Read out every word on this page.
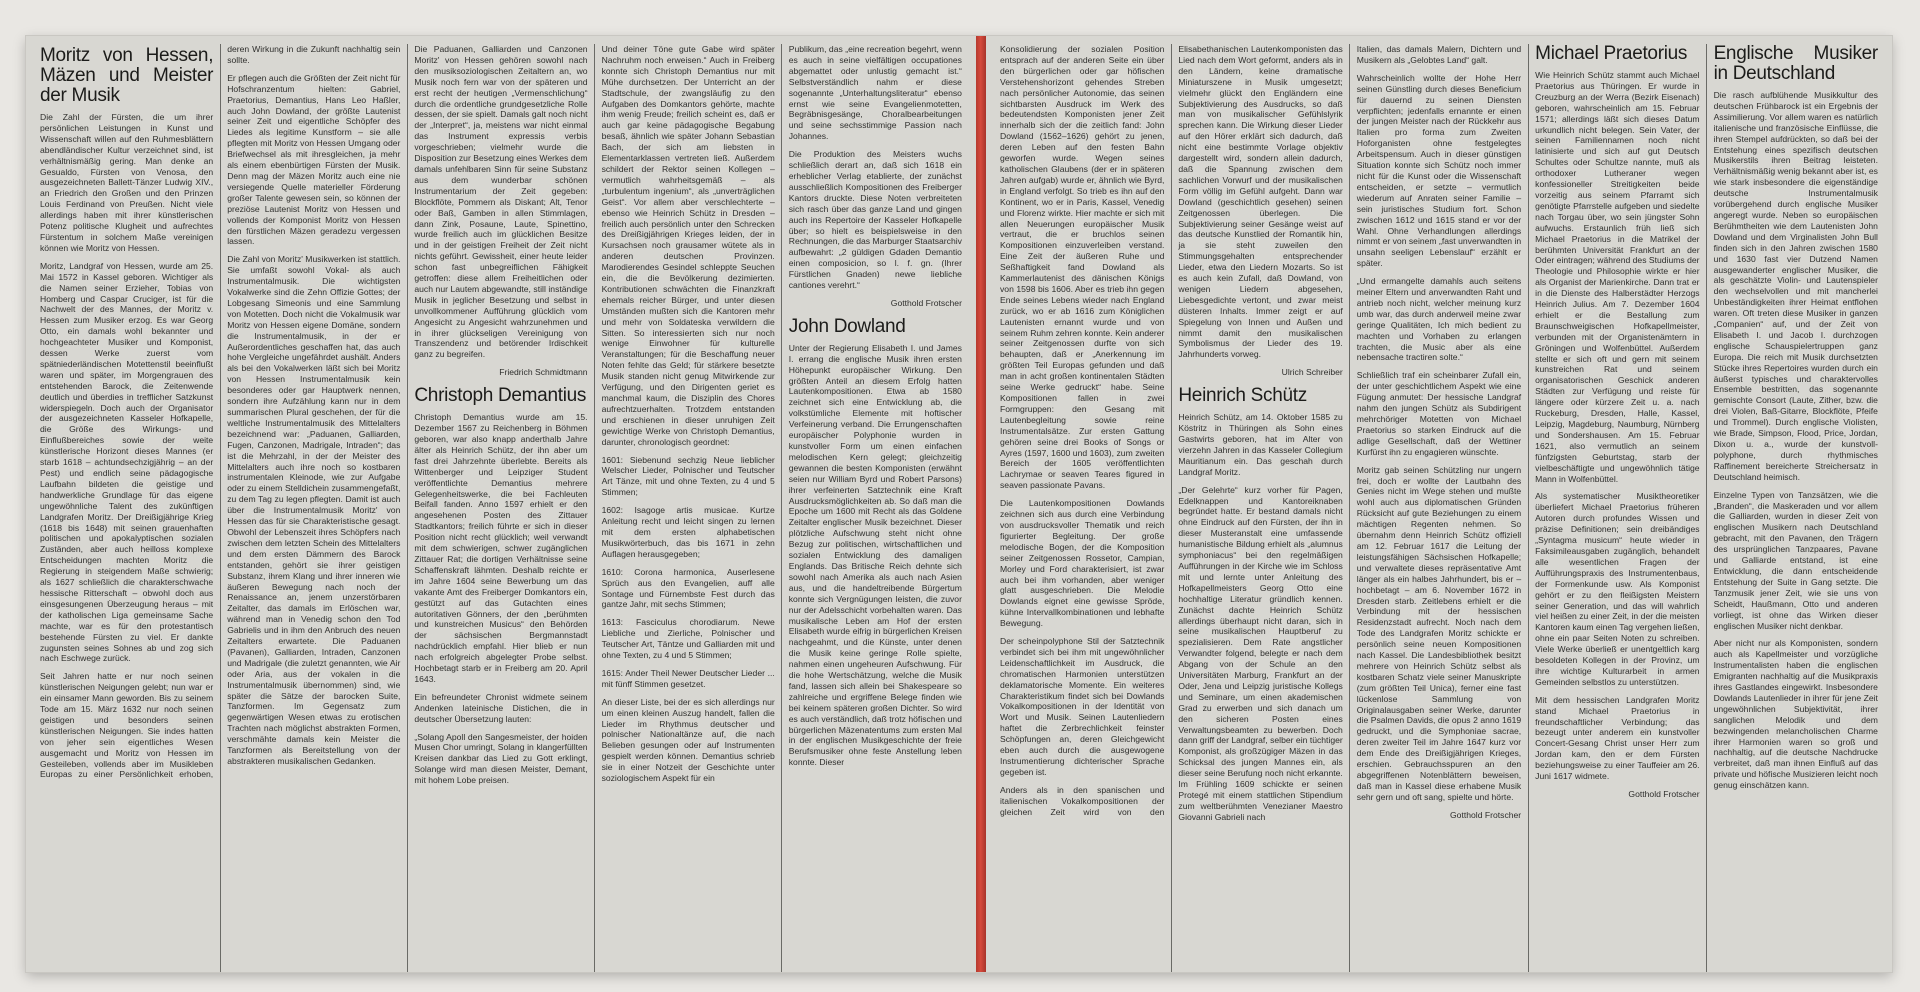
Moritz von Hessen, Mäzen und Meister der Musik

Die Zahl der Fürsten, die um ihrer persönlichen Leistungen in Kunst und Wissenschaft willen auf den Ruhmesblättern abendländischer Kultur verzeichnet sind, ist verhältnismäßig gering. Man denke an Gesualdo, Fürsten von Venosa, den ausgezeichneten Ballett-Tänzer Ludwig XIV., an Friedrich den Großen und den Prinzen Louis Ferdinand von Preußen. Nicht viele allerdings haben mit ihrer künstlerischen Potenz politische Klugheit und aufrechtes Fürstentum in solchem Maße vereinigen können wie Moritz von Hessen.

Moritz, Landgraf von Hessen, wurde am 25. Mai 1572 in Kassel geboren. Wichtiger als die Namen seiner Erzieher, Tobias von Homberg und Caspar Cruciger, ist für die Nachwelt der des Mannes, der Moritz v. Hessen zum Musiker erzog. Es war Georg Otto, ein damals wohl bekannter und hochgeachteter Musiker und Komponist, dessen Werke zuerst vom spätniederländischen Motettenstil beeinflußt waren und später, im Morgengrauen des entstehenden Barock, die Zeitenwende deutlich und überdies in trefflicher Satzkunst widerspiegeln. Doch auch der Organisator der ausgezeichneten Kasseler Hofkapelle, die Größe des Wirkungs- und Einflußbereiches sowie der weite künstlerische Horizont dieses Mannes (er starb 1618 – achtundsechzigjährig – an der Pest) und endlich seine pädagogische Laufbahn bildeten die geistige und handwerkliche Grundlage für das eigene ungewöhnliche Talent des zukünftigen Landgrafen Moritz. Der Dreißigjährige Krieg (1618 bis 1648) mit seinen grauenhaften politischen und apokalyptischen sozialen Zuständen, aber auch heilloss komplexe Entscheidungen machten Moritz die Regierung in steigendem Maße schwierig; als 1627 schließlich die charakterschwache hessische Ritterschaft – obwohl doch aus einsgesungenen Überzeugung heraus – mit der katholischen Liga gemeinsame Sache machte, war es für den protestantisch bestehende Fürsten zu viel. Er dankte zugunsten seines Sohnes ab und zog sich nach Eschwege zurück.

Seit Jahren hatte er nur noch seinen künstlerischen Neigungen gelebt; nun war er ein einsamer Mann geworden. Bis zu seinem Tode am 15. März 1632 nur noch seinen geistigen und besonders seinen künstlerischen Neigungen. Sie indes hatten von jeher sein eigentliches Wesen ausgemacht und Moritz von Hessen im Gesteileben, vollends aber im Musikleben Europas zu einer Persönlichkeit erhoben, deren Wirkung in die Zukunft nachhaltig sein sollte.

Er pflegen auch die Größten der Zeit nicht für Hofschranzentum hielten: Gabriel, Praetorius, Demantius, Hans Leo Haßler, auch John Dowland, der größte Lautenist seiner Zeit und eigentliche Schöpfer des Liedes als legitime Kunstform – sie alle pflegten mit Moritz von Hessen Umgang oder Briefwechsel als mit ihresgleichen, ja mehr als einem ebenbürtigen Fürsten der Musik. Denn mag der Mäzen Moritz auch eine nie versiegende Quelle materieller Förderung großer Talente gewesen sein, so können der preziöse Lautenist Moritz von Hessen und vollends der Komponist Moritz von Hessen den fürstlichen Mäzen geradezu vergessen lassen.

Die Zahl von Moritz' Musikwerken ist stattlich. Sie umfaßt sowohl Vokal- als auch Instrumentalmusik. Die wichtigsten Vokalwerke sind die Zehn Offizie Gottes; der Lobgesang Simeonis und eine Sammlung von Motetten. Doch nicht die Vokalmusik war Moritz von Hessen eigene Domäne, sondern die Instrumentalmusik, in der er Außerordentliches geschaffen hat, das auch hohe Vergleiche ungefährdet aushält. Anders als bei den Vokalwerken läßt sich bei Moritz von Hessen Instrumentalmusik kein besonderes oder gar Hauptwerk nennen, sondern ihre Aufzählung kann nur in dem summarischen Plural geschehen, der für die weltliche Instrumentalmusik des Mittelalters bezeichnend war: „Paduanen, Galliarden, Fugen, Canzonen, Madrigale, Intraden“; das ist die Mehrzahl, in der der Meister des Mittelalters auch ihre noch so kostbaren instrumentalen Kleinode, wie zur Aufgabe oder zu einem Stelldichein zusammengefaßt, zu dem Tag zu legen pflegten. Damit ist auch über die Instrumentalmusik Moritz' von Hessen das für sie Charakteristische gesagt. Obwohl der Lebenszeit ihres Schöpfers nach zwischen dem letzten Schein des Mittelalters und dem ersten Dämmern des Barock entstanden, gehört sie ihrer geistigen Substanz, ihrem Klang und ihrer inneren wie äußeren Bewegung nach noch der Renaissance an, jenem unzerstörbaren Zeitalter, das damals im Erlöschen war, während man in Venedig schon den Tod Gabrielis und in ihm den Anbruch des neuen Zeitalters erwartete. Die Paduanen (Pavanen), Galliarden, Intraden, Canzonen und Madrigale (die zuletzt genannten, wie Air oder Aria, aus der vokalen in die Instrumentalmusik übernommen) sind, wie später die Sätze der barocken Suite, Tanzformen. Im Gegensatz zum gegenwärtigen Wesen etwas zu erotischen Trachten nach möglichst abstrakten Formen, verschmähte damals kein Meister die Tanzformen als Bereitstellung von der abstrakteren musikalischen Gedanken.

Die Paduanen, Galliarden und Canzonen Moritz' von Hessen gehören sowohl nach den musiksoziologischen Zeitaltern an, wo Musik noch fern war von der späteren und erst recht der heutigen „Vermenschlichung“ durch die ordentliche grundgesetzliche Rolle dessen, der sie spielt. Damals galt noch nicht der „Interpret“, ja, meistens war nicht einmal das Instrument expressis verbis vorgeschrieben; vielmehr wurde die Disposition zur Besetzung eines Werkes dem damals unfehlbaren Sinn für seine Substanz aus dem wunderbar schönen Instrumentarium der Zeit gegeben: Blockflöte, Pommern als Diskant; Alt, Tenor oder Baß, Gamben in allen Stimmlagen, dann Zink, Posaune, Laute, Spinettino, wurde freilich auch im glücklichen Besitze und in der geistigen Freiheit der Zeit nicht nichts geführt. Gewissheit, einer heute leider schon fast unbegreiflichen Fähigkeit getroffen: diese allem Freiheitlichen oder auch nur Lautem abgewandte, still inständige Musik in jeglicher Besetzung und selbst in unvollkommener Aufführung glücklich vom Angesicht zu Angesicht wahrzunehmen und in ihrer glückseligen Vereinigung von Transzendenz und betörender Irdischkeit ganz zu begreifen.

Friedrich Schmidtmann
Christoph Demantius

Christoph Demantius wurde am 15. Dezember 1567 zu Reichenberg in Böhmen geboren, war also knapp anderthalb Jahre älter als Heinrich Schütz, der ihn aber um fast drei Jahrzehnte überlebte. Bereits als Wittenberger und Leipziger Student veröffentlichte Demantius mehrere Gelegenheitswerke, die bei Fachleuten Beifall fanden. Anno 1597 erhielt er den angesehenen Posten des Zittauer Stadtkantors; freilich führte er sich in dieser Position nicht recht glücklich; weil verwandt mit dem schwierigen, schwer zugänglichen Zittauer Rat; die dortigen Verhältnisse seine Schaffenskraft lähmten. Deshalb reichte er im Jahre 1604 seine Bewerbung um das vakante Amt des Freiberger Domkantors ein, gestützt auf das Gutachten eines autoritativen Gönners, der den „berühmten und kunstreichen Musicus“ den Behörden der sächsischen Bergmannstadt nachdrücklich empfahl. Hier blieb er nun nach erfolgreich abgelegter Probe selbst. Hochbetagt starb er in Freiberg am 20. April 1643.

Ein befreundeter Chronist widmete seinem Andenken lateinische Distichen, die in deutscher Übersetzung lauten:

„Solang Apoll den Sangesmeister, der hoiden Musen Chor umringt, Solang in klangerfüllten Kreisen dankbar das Lied zu Gott erklingt, Solange wird man diesen Meister, Demant, mit hohem Lobe preisen.

Und deiner Töne gute Gabe wird später Nachruhm noch erweisen.“ Auch in Freiberg konnte sich Christoph Demantius nur mit Mühe durchsetzen. Der Unterricht an der Stadtschule, der zwangsläufig zu den Aufgaben des Domkantors gehörte, machte ihm wenig Freude; freilich scheint es, daß er auch gar keine pädagogische Begabung besaß, ähnlich wie später Johann Sebastian Bach, der sich am liebsten in Elementarklassen vertreten ließ. Außerdem schildert der Rektor seinen Kollegen – vermutlich wahrheitsgemäß – als „turbulentum ingenium“, als „unverträglichen Geist“. Vor allem aber verschlechterte – ebenso wie Heinrich Schütz in Dresden – freilich auch persönlich unter den Schrecken des Dreißigjährigen Krieges leiden, der in Kursachsen noch grausamer wütete als in anderen deutschen Provinzen. Marodierendes Gesindel schleppte Seuchen ein, die die Bevölkerung dezimierten. Kontributionen schwächten die Finanzkraft ehemals reicher Bürger, und unter diesen Umständen mußten sich die Kantoren mehr und mehr von Soldateska verwildern die Sitten. So interessierten sich nur noch wenige Einwohner für kulturelle Veranstaltungen; für die Beschaffung neuer Noten fehlte das Geld; für stärkere besetzte Musik standen nicht genug Mitwirkende zur Verfügung, und den Dirigenten geriet es manchmal kaum, die Disziplin des Chores aufrechtzuerhalten. Trotzdem entstanden und erschienen in dieser unruhigen Zeit gewichtige Werke von Christoph Demantius, darunter, chronologisch geordnet:

1601: Siebenund sechzig Neue lieblicher Welscher Lieder, Polnischer und Teutscher Art Tänze, mit und ohne Texten, zu 4 und 5 Stimmen;

1602: Isagoge artis musicae. Kurtze Anleitung recht und leicht singen zu lernen mit dem ersten alphabetischen Musikwörterbuch, das bis 1671 in zehn Auflagen herausgegeben;

1610: Corona harmonica, Auserlesene Sprüch aus den Evangelien, auff alle Sontage und Fürnembste Fest durch das gantze Jahr, mit sechs Stimmen;

1613: Fasciculus chorodiarum. Newe Liebliche und Zierliche, Polnischer und Teutscher Art, Täntze und Galliarden mit und ohne Texten, zu 4 und 5 Stimmen;

1615: Ander Theil Newer Deutscher Lieder ... mit fünff Stimmen gesetzet.

An dieser Liste, bei der es sich allerdings nur um einen kleinen Auszug handelt, fallen die Lieder im Rhythmus deutscher und polnischer Nationaltänze auf, die nach Belieben gesungen oder auf Instrumenten gespielt werden können. Demantius schrieb sie in einer Notzeit der Geschichte unter soziologischem Aspekt für ein

Publikum, das „eine recreation begehrt, wenn es auch in seine vielfältigen occupationes abgemattet oder unlustig gemacht ist.“ Selbstverständlich nahm er diese sogenannte „Unterhaltungsliteratur“ ebenso ernst wie seine Evangelienmotetten, Begräbnisgesänge, Choralbearbeitungen und seine sechsstimmige Passion nach Johannes.

Die Produktion des Meisters wuchs schließlich derart an, daß sich 1618 ein erheblicher Verlag etablierte, der zunächst ausschließlich Kompositionen des Freiberger Kantors druckte. Diese Noten verbreiteten sich rasch über das ganze Land und gingen auch ins Repertoire der Kasseler Hofkapelle über; so hielt es beispielsweise in den Rechnungen, die das Marburger Staatsarchiv aufbewahrt: „2 güldigen Gdaden Demantio einen composicion, so l. f. gn. (Ihrer Fürstlichen Gnaden) newe liebliche cantiones verehrt.“

Gotthold Frotscher
John Dowland

Unter der Regierung Elisabeth I. und James I. errang die englische Musik ihren ersten Höhepunkt europäischer Wirkung. Den größten Anteil an diesem Erfolg hatten Lautenkompositionen. Etwa ab 1580 zeichnet sich eine Entwicklung ab, die volkstümliche Elemente mit hoftischer Verfeinerung verband. Die Errungenschaften europäischer Polyphonie wurden in kunstvoller Form um einen einfachen melodischen Kern gelegt; gleichzeitig gewannen die besten Komponisten (erwähnt seien nur William Byrd und Robert Parsons) ihrer verfeinerten Satztechnik eine Kraft Ausdrucksmöglichkeiten ab. So daß man die Epoche um 1600 mit Recht als das Goldene Zeitalter englischer Musik bezeichnet. Dieser plötzliche Aufschwung steht nicht ohne Bezug zur politischen, wirtschaftlichen und sozialen Entwicklung des damaligen Englands. Das Britische Reich dehnte sich sowohl nach Amerika als auch nach Asien aus, und die handeltreibende Bürgertum konnte sich Vergnügungen leisten, die zuvor nur der Adelsschicht vorbehalten waren. Das musikalische Leben am Hof der ersten Elisabeth wurde eifrig in bürgerlichen Kreisen nachgeahmt, und die Künste, unter denen die Musik keine geringe Rolle spielte, nahmen einen ungeheuren Aufschwung. Für die hohe Wertschätzung, welche die Musik fand, lassen sich allein bei Shakespeare so zahlreiche und ergriffene Belege finden wie bei keinem späteren großen Dichter. So wird es auch verständlich, daß trotz höfischen und bürgerlichen Mäzenatentums zum ersten Mal in der englischen Musikgeschichte der freie Berufsmusiker ohne feste Anstellung leben konnte. Dieser

Konsolidierung der sozialen Position entsprach auf der anderen Seite ein über den bürgerlichen oder gar höfischen Verstehenshorizont gehendes Streben nach persönlicher Autonomie, das seinen sichtbarsten Ausdruck im Werk des bedeutendsten Komponisten jener Zeit innerhalb sich der die zeitlich fand: John Dowland (1562–1626) gehört zu jenen, deren Leben auf den festen Bahn geworfen wurde. Wegen seines katholischen Glaubens (der er in späteren Jahren aufgab) wurde er, ähnlich wie Byrd, in England verfolgt. So trieb es ihn auf den Kontinent, wo er in Paris, Kassel, Venedig und Florenz wirkte. Hier machte er sich mit allen Neuerungen europäischer Musik vertraut, die er bruchlos seinen Kompositionen einzuverleiben verstand. Eine Zeit der äußeren Ruhe und Seßhaftigkeit fand Dowland als Kammerlautenist des dänischen Königs von 1598 bis 1606. Aber es trieb ihn gegen Ende seines Lebens wieder nach England zurück, wo er ab 1616 zum Königlichen Lautenisten ernannt wurde und von seinem Ruhm zehren konnte. Kein anderer seiner Zeitgenossen durfte von sich behaupten, daß er „Anerkennung im größten Teil Europas gefunden und daß man in acht großen kontinentalen Städten seine Werke gedruckt“ habe. Seine Kompositionen fallen in zwei Formgruppen: den Gesang mit Lautenbegleitung sowie reine Instrumentalsätze. Zur ersten Gattung gehören seine drei Books of Songs or Ayres (1597, 1600 und 1603), zum zweiten Bereich der 1605 veröffentlichten Lachrymae or seaven Teares figured in seaven passionate Pavans.

Die Lautenkompositionen Dowlands zeichnen sich aus durch eine Verbindung von ausdrucksvoller Thematik und reich figurierter Begleitung. Der große melodische Bogen, der die Komposition seiner Zeitgenossen Rossetor, Campian, Morley und Ford charakterisiert, ist zwar auch bei ihm vorhanden, aber weniger glatt ausgeschrieben. Die Melodie Dowlands eignet eine gewisse Spröde, kühne Intervallkombinationen und lebhafte Bewegung.

Der scheinpolyphone Stil der Satztechnik verbindet sich bei ihm mit ungewöhnlicher Leidenschaftlichkeit im Ausdruck, die chromatischen Harmonien unterstützen deklamatorische Momente. Ein weiteres Charakteristikum findet sich bei Dowlands Vokalkompositionen in der Identität von Wort und Musik. Seinen Lautenliedern haftet die Zerbrechlichkeit feinster Schöpfungen an, deren Gleichgewicht eben auch durch die ausgewogene Instrumentierung dichterischer Sprache gegeben ist.

Anders als in den spanischen und italienischen Vokalkompositionen der gleichen Zeit wird von den Elisabethanischen Lautenkomponisten das Lied nach dem Wort geformt, anders als in den Ländern, keine dramatische Miniaturszene in Musik umgesetzt; vielmehr glückt den Engländern eine Subjektivierung des Ausdrucks, so daß man von musikalischer Gefühlslyrik sprechen kann. Die Wirkung dieser Lieder auf den Hörer erklärt sich dadurch, daß nicht eine bestimmte Vorlage objektiv dargestellt wird, sondern allein dadurch, daß die Spannung zwischen dem sachlichen Vorwurf und der musikalischen Form völlig im Gefühl aufgeht. Dann war Dowland (geschichtlich gesehen) seinen Zeitgenossen überlegen. Die Subjektivierung seiner Gesänge weist auf das deutsche Kunstlied der Romantik hin, ja sie steht zuweilen den Stimmungsgehalten entsprechender Lieder, etwa den Liedern Mozarts. So ist es auch kein Zufall, daß Dowland, von wenigen Liedern abgesehen, Liebesgedichte vertont, und zwar meist düsteren Inhalts. Immer zeigt er auf Spiegelung von Innen und Außen und nimmt damit den musikalischen Symbolismus der Lieder des 19. Jahrhunderts vorweg.

Ulrich Schreiber
Heinrich Schütz

Heinrich Schütz, am 14. Oktober 1585 zu Köstritz in Thüringen als Sohn eines Gastwirts geboren, hat im Alter von vierzehn Jahren in das Kasseler Collegium Mauritianum ein. Das geschah durch Landgraf Moritz.

„Der Gelehrte“ kurz vorher für Pagen, Edelknappen und Kantoreiknaben begründet hatte. Er bestand damals nicht ohne Eindruck auf den Fürsten, der ihn in dieser Musteranstalt eine umfassende humanistische Bildung erhielt als „alumnus symphoniacus“ bei den regelmäßigen Aufführungen in der Kirche wie im Schloss mit und lernte unter Anleitung des Hofkapellmeisters Georg Otto eine hochhaltige Literatur gründlich kennen. Zunächst dachte Heinrich Schütz allerdings überhaupt nicht daran, sich in seine musikalischen Hauptberuf zu spezialisieren. Dem Rate angstlicher Verwandter folgend, belegte er nach dem Abgang von der Schule an den Universitäten Marburg, Frankfurt an der Oder, Jena und Leipzig juristische Kollegs und Seminare, um einen akademischen Grad zu erwerben und sich danach um den sicheren Posten eines Verwaltungsbeamten zu bewerben. Doch dann griff der Landgraf, selber ein tüchtiger Komponist, als großzügiger Mäzen in das Schicksal des jungen Mannes ein, als dieser seine Berufung noch nicht erkannte. Im Frühling 1609 schickte er seinen Protegé mit einem stattlichen Stipendium zum weltberühmten Venezianer Maestro Giovanni Gabrieli nach

Italien, das damals Malern, Dichtern und Musikern als „Gelobtes Land“ galt.

Wahrscheinlich wollte der Hohe Herr seinen Günstling durch dieses Beneficium für dauernd zu seinen Diensten verpflichten; jedenfalls ernannte er einen der jungen Meister nach der Rückkehr aus Italien pro forma zum Zweiten Hoforganisten ohne festgelegtes Arbeitspensum. Auch in dieser günstigen Situation konnte sich Schütz noch immer nicht für die Kunst oder die Wissenschaft entscheiden, er setzte – vermutlich wiederum auf Anraten seiner Familie – sein juristisches Studium fort. Schon zwischen 1612 und 1615 stand er vor der Wahl. Ohne Verhandlungen allerdings nimmt er von seinem „fast unverwandten in unsahn seeligen Lebenslauf“ erzählt er später.

„Und ermangelte damahls auch seitens meiner Eltern und anverwandten Raht und antrieb noch nicht, welcher meinung kurz umb war, das durch anderweil meine zwar geringe Qualitäten, Ich mich bedient zu machten und Vorhaben zu erlangen trachten, die Music aber als eine nebensache tractiren solte.“

Schließlich traf ein scheinbarer Zufall ein, der unter geschichtlichem Aspekt wie eine Fügung anmutet: Der hessische Landgraf nahm den jungen Schütz als Subdirigent mehrchöriger Motetten von Michael Praetorius so starken Eindruck auf die adlige Gesellschaft, daß der Wettiner Kurfürst ihn zu engagieren wünschte.

Moritz gab seinen Schützling nur ungern frei, doch er wollte der Lautbahn des Genies nicht im Wege stehen und mußte wohl auch aus diplomatischen Gründen Rücksicht auf gute Beziehungen zu einem mächtigen Regenten nehmen. So übernahm denn Heinrich Schütz offiziell am 12. Februar 1617 die Leitung der leistungsfähigen Sächsischen Hofkapelle; und verwaltete dieses repräsentative Amt länger als ein halbes Jahrhundert, bis er – hochbetagt – am 6. November 1672 in Dresden starb. Zeitlebens erhielt er die Verbindung mit der hessischen Residenzstadt aufrecht. Noch nach dem Tode des Landgrafen Moritz schickte er persönlich seine neuen Kompositionen nach Kassel. Die Landesbibliothek besitzt mehrere von Heinrich Schütz selbst als kostbaren Schatz viele seiner Manuskripte (zum größten Teil Unica), ferner eine fast lückenlose Sammlung von Originalausgaben seiner Werke, darunter die Psalmen Davids, die opus 2 anno 1619 gedruckt, und die Symphoniae sacrae, deren zweiter Teil im Jahre 1647 kurz vor dem Ende des Dreißigjährigen Krieges, erschien. Gebrauchsspuren an den abgegriffenen Notenblättern beweisen, daß man in Kassel diese erhabene Musik sehr gern und oft sang, spielte und hörte.

Gotthold Frotscher
Michael Praetorius

Wie Heinrich Schütz stammt auch Michael Praetorius aus Thüringen. Er wurde in Creuzburg an der Werra (Bezirk Eisenach) geboren, wahrscheinlich am 15. Februar 1571; allerdings läßt sich dieses Datum urkundlich nicht belegen. Sein Vater, der seinen Familiennamen noch nicht latinisierte und sich auf gut Deutsch Schultes oder Schultze nannte, muß als orthodoxer Lutheraner wegen konfessioneller Streitigkeiten beide vorzeitig aus seinem Pfarramt sich genötigte Pfarrstelle aufgeben und siedelte nach Torgau über, wo sein jüngster Sohn aufwuchs. Erstaunlich früh ließ sich Michael Praetorius in die Matrikel der berühmten Universität Frankfurt an der Oder eintragen; während des Studiums der Theologie und Philosophie wirkte er hier als Organist der Marienkirche. Dann trat er in die Dienste des Halberstädter Herzogs Heinrich Julius. Am 7. Dezember 1604 erhielt er die Bestallung zum Braunschweigischen Hofkapellmeister, verbunden mit der Organistenämtern in Gröningen und Wolfenbüttel. Außerdem stellte er sich oft und gern mit seinem kunstreichen Rat und seinem organisatorischen Geschick anderen Städten zur Verfügung und reiste für längere oder kürzere Zeit u. a. nach Ruckeburg, Dresden, Halle, Kassel, Leipzig, Magdeburg, Naumburg, Nürnberg und Sondershausen. Am 15. Februar 1621, also vermutlich an seinem fünfzigsten Geburtstag, starb der vielbeschäftigte und ungewöhnlich tätige Mann in Wolfenbüttel.

Als systematischer Musiktheoretiker überliefert Michael Praetorius früheren Autoren durch profundes Wissen und präzise Definitionen; sein dreibändiges „Syntagma musicum“ heute wieder in Faksimileausgaben zugänglich, behandelt alle wesentlichen Fragen der Aufführungspraxis des Instrumentenbaus, der Formenkunde usw. Als Komponist gehört er zu den fleißigsten Meistern seiner Generation, und das will wahrlich viel heißen zu einer Zeit, in der die meisten Kantoren kaum einen Tag vergehen ließen, ohne ein paar Seiten Noten zu schreiben. Viele Werke überließ er unentgeltlich karg besoldeten Kollegen in der Provinz, um ihre wichtige Kulturarbeit in armen Gemeinden selbstlos zu unterstützen.

Mit dem hessischen Landgrafen Moritz stand Michael Praetorius in freundschaftlicher Verbindung; das bezeugt unter anderem ein kunstvoller Concert-Gesang Christ unser Herr zum Jordan kam, den er dem Fürsten beziehungsweise zu einer Tauffeier am 26. Juni 1617 widmete.

Gotthold Frotscher
Englische Musiker in Deutschland

Die rasch aufblühende Musikkultur des deutschen Frühbarock ist ein Ergebnis der Assimilierung. Vor allem waren es natürlich italienische und französische Einflüsse, die ihren Stempel aufdrückten, so daß bei der Entstehung eines spezifisch deutschen Musikerstils ihren Beitrag leisteten. Verhältnismäßig wenig bekannt aber ist, es wie stark insbesondere die eigenständige deutsche Instrumentalmusik vorübergehend durch englische Musiker angeregt wurde. Neben so europäischen Berühmtheiten wie dem Lautenisten John Dowland und dem Virginalisten John Bull finden sich in den Jahren zwischen 1580 und 1630 fast vier Dutzend Namen ausgewanderter englischer Musiker, die als geschätzte Violin- und Lautenspieler den wechselvollen und mit mancherlei Unbeständigkeiten ihrer Heimat entflohen waren. Oft treten diese Musiker in ganzen „Companien“ auf, und der Zeit von Elisabeth I. und Jacob I. durchzogen englische Schauspielertruppen ganz Europa. Die reich mit Musik durchsetzten Stücke ihres Repertoires wurden durch ein äußerst typisches und charaktervolles Ensemble bestritten, das sogenannte gemischte Consort (Laute, Zither, bzw. die drei Violen, Baß-Gitarre, Blockflöte, Pfeife und Trommel). Durch englische Violisten, wie Brade, Simpson, Flood, Price, Jordan, Dixon u. a., wurde der kunstvoll-polyphone, durch rhythmisches Raffinement bereicherte Streichersatz in Deutschland heimisch.

Einzelne Typen von Tanzsätzen, wie die „Branden“, die Maskeraden und vor allem die Galliarden, wurden in dieser Zeit von englischen Musikern nach Deutschland gebracht, mit den Pavanen, den Trägern des ursprünglichen Tanzpaares, Pavane und Galliarde entstand, ist eine Entwicklung, die dann entscheidende Entstehung der Suite in Gang setzte. Die Tanzmusik jener Zeit, wie sie uns von Scheidt, Haußmann, Otto und anderen vorliegt, ist ohne das Wirken dieser englischen Musiker nicht denkbar.

Aber nicht nur als Komponisten, sondern auch als Kapellmeister und vorzügliche Instrumentalisten haben die englischen Emigranten nachhaltig auf die Musikpraxis ihres Gastlandes eingewirkt. Insbesondere Dowlands Lautenlieder in ihrer für jene Zeit ungewöhnlichen Subjektivität, ihrer sanglichen Melodik und dem bezwingenden melancholischen Charme ihrer Harmonien waren so groß und nachhaltig, auf die deutsche Nachdrucke verbreitet, daß man ihnen Einfluß auf das private und höfische Musizieren leicht noch genug einschätzen kann.
